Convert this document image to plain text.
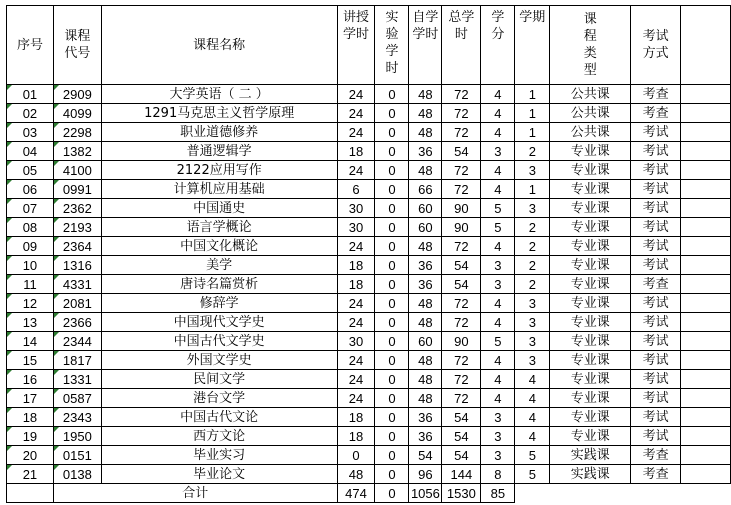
序号	课程代号	课程名称	讲授学时	实验学时	自学学时	总学时	学分	学期	课程类型	考试方式	
01	2909	大学英语（ 二 ）	24	0	48	72	4	1	公共课	考查	
02	4099	1291马克思主义哲学原理	24	0	48	72	4	1	公共课	考查	
03	2298	职业道德修养	24	0	48	72	4	1	公共课	考试	
04	1382	普通逻辑学	18	0	36	54	3	2	专业课	考试	
05	4100	2122应用写作	24	0	48	72	4	3	专业课	考试	
06	0991	计算机应用基础	6	0	66	72	4	1	专业课	考试	
07	2362	中国通史	30	0	60	90	5	3	专业课	考试	
08	2193	语言学概论	30	0	60	90	5	2	专业课	考试	
09	2364	中国文化概论	24	0	48	72	4	2	专业课	考试	
10	1316	美学	18	0	36	54	3	2	专业课	考试	
11	4331	唐诗名篇赏析	18	0	36	54	3	2	专业课	考查	
12	2081	修辞学	24	0	48	72	4	3	专业课	考试	
13	2366	中国现代文学史	24	0	48	72	4	3	专业课	考试	
14	2344	中国古代文学史	30	0	60	90	5	3	专业课	考试	
15	1817	外国文学史	24	0	48	72	4	3	专业课	考试	
16	1331	民间文学	24	0	48	72	4	4	专业课	考试	
17	0587	港台文学	24	0	48	72	4	4	专业课	考试	
18	2343	中国古代文论	18	0	36	54	3	4	专业课	考试	
19	1950	西方文论	18	0	36	54	3	4	专业课	考试	
20	0151	毕业实习	0	0	54	54	3	5	实践课	考查	
21	0138	毕业论文	48	0	96	144	8	5	实践课	考查	
	合计		474	0	1056	1530	85				
